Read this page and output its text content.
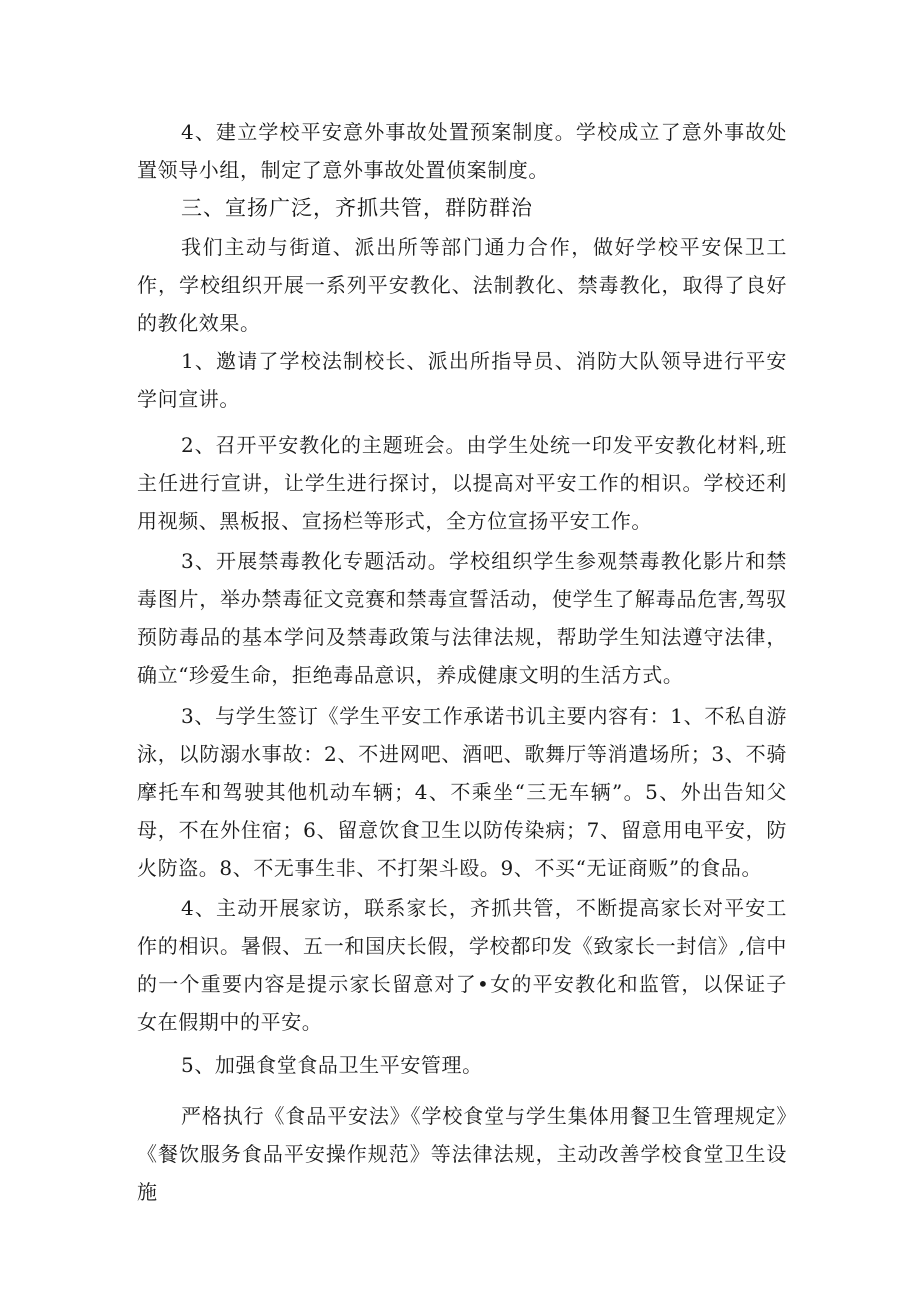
4、建立学校平安意外事故处置预案制度。学校成立了意外事故处置领导小组，制定了意外事故处置侦案制度。

三、宣扬广泛，齐抓共管，群防群治

我们主动与街道、派出所等部门通力合作，做好学校平安保卫工作，学校组织开展一系列平安教化、法制教化、禁毒教化，取得了良好的教化效果。

1、邀请了学校法制校长、派出所指导员、消防大队领导进行平安学问宣讲。

2、召开平安教化的主题班会。由学生处统一印发平安教化材料,班主任进行宣讲，让学生进行探讨，以提高对平安工作的相识。学校还利用视频、黑板报、宣扬栏等形式，全方位宣扬平安工作。

3、开展禁毒教化专题活动。学校组织学生参观禁毒教化影片和禁毒图片，举办禁毒征文竞赛和禁毒宣誓活动，使学生了解毒品危害,驾驭预防毒品的基本学问及禁毒政策与法律法规，帮助学生知法遵守法律，确立“珍爱生命，拒绝毒品意识，养成健康文明的生活方式。

3、与学生签订《学生平安工作承诺书讥主要内容有：1、不私自游泳，以防溺水事故：2、不进网吧、酒吧、歌舞厅等消遣场所；3、不骑摩托车和驾驶其他机动车辆；4、不乘坐“三无车辆”。5、外出告知父母，不在外住宿；6、留意饮食卫生以防传染病；7、留意用电平安，防火防盗。8、不无事生非、不打架斗殴。9、不买“无证商贩”的食品。

4、主动开展家访，联系家长，齐抓共管，不断提高家长对平安工作的相识。暑假、五一和国庆长假，学校都印发《致家长一封信》,信中的一个重要内容是提示家长留意对了•女的平安教化和监管，以保证子女在假期中的平安。

5、加强食堂食品卫生平安管理。

严格执行《食品平安法》《学校食堂与学生集体用餐卫生管理规定》《餐饮服务食品平安操作规范》等法律法规，主动改善学校食堂卫生设施
